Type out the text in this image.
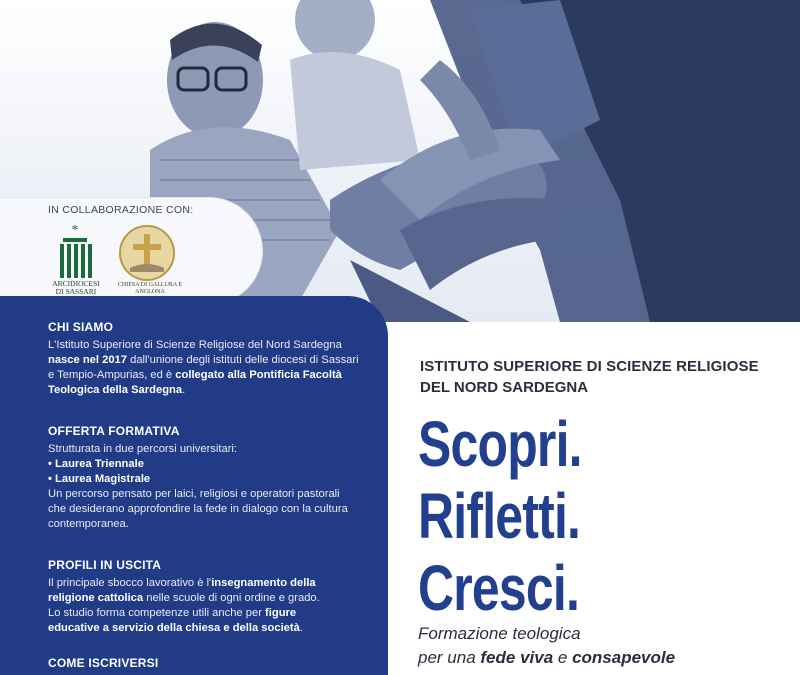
IN COLLABORAZIONE CON:
*
ARCIDIOCESI DI SASSARI
CHIESA DI GALLURA E ANGLONA
CHI SIAMO

L'Istituto Superiore di Scienze Religiose del Nord Sardegna
nasce nel 2017 dall'unione degli istituti delle diocesi di Sassari
e Tempio-Ampurias, ed è collegato alla Pontificia Facoltà
Teologica della Sardegna.

OFFERTA FORMATIVA

Strutturata in due percorsi universitari:
• Laurea Triennale
• Laurea Magistrale
Un percorso pensato per laici, religiosi e operatori pastorali
che desiderano approfondire la fede in dialogo con la cultura
contemporanea.

PROFILI IN USCITA

Il principale sbocco lavorativo è l'insegnamento della
religione cattolica nelle scuole di ogni ordine e grado.
Lo studio forma competenze utili anche per figure
educative a servizio della chiesa e della società.

COME ISCRIVERSI
ISTITUTO SUPERIORE DI SCIENZE RELIGIOSE
DEL NORD SARDEGNA
Scopri.
Rifletti.
Cresci.
Formazione teologica
per una fede viva e consapevole
